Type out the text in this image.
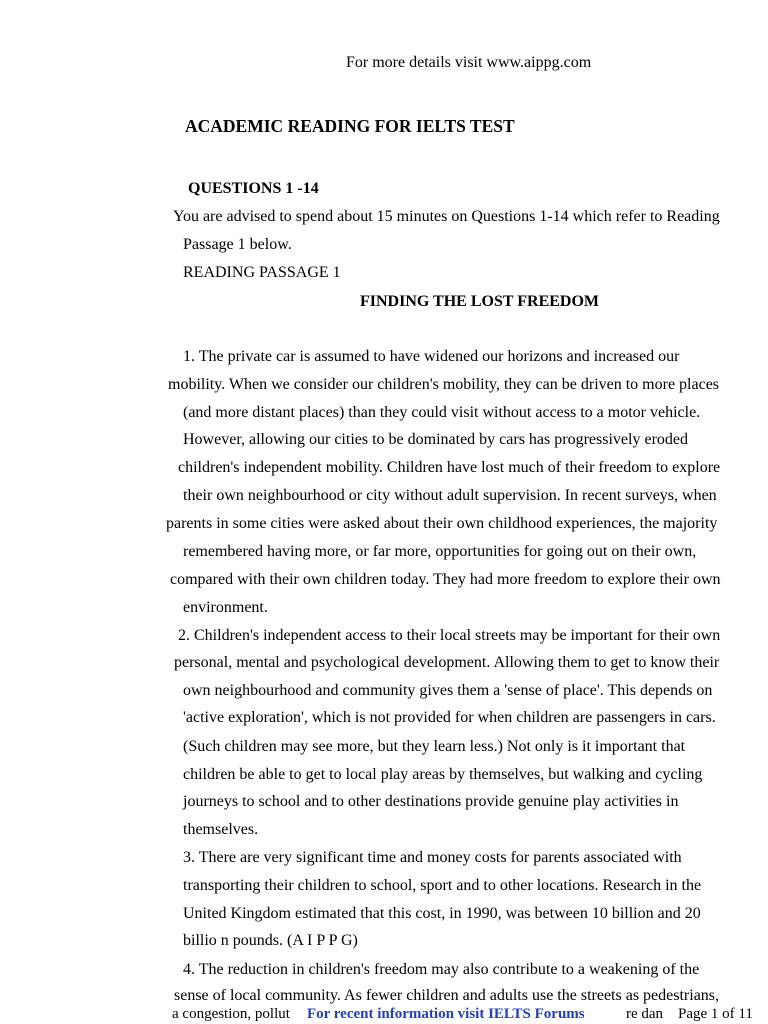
For more details visit www.aippg.com
ACADEMIC READING FOR IELTS TEST
QUESTIONS 1 -14
You are advised to spend about 15 minutes on Questions 1-14 which refer to Reading
Passage 1 below.
READING PASSAGE 1
FINDING THE LOST FREEDOM
1. The private car is assumed to have widened our horizons and increased our
mobility. When we consider our children's mobility, they can be driven to more places
(and more distant places) than they could visit without access to a motor vehicle.
However, allowing our cities to be dominated by cars has progressively eroded
children's independent mobility. Children have lost much of their freedom to explore
their own neighbourhood or city without adult supervision. In recent surveys, when
parents in some cities were asked about their own childhood experiences, the majority
remembered having more, or far more, opportunities for going out on their own,
compared with their own children today. They had more freedom to explore their own
environment.
2. Children's independent access to their local streets may be important for their own
personal, mental and psychological development. Allowing them to get to know their
own neighbourhood and community gives them a 'sense of place'. This depends on
'active exploration', which is not provided for when children are passengers in cars.
(Such children may see more, but they learn less.) Not only is it important that
children be able to get to local play areas by themselves, but walking and cycling
journeys to school and to other destinations provide genuine play activities in
themselves.
3. There are very significant time and money costs for parents associated with
transporting their children to school, sport and to other locations. Research in the
United Kingdom estimated that this cost, in 1990, was between 10 billion and 20
billio n pounds. (A I P P G)
4. The reduction in children's freedom may also contribute to a weakening of the
sense of local community. As fewer children and adults use the streets as pedestrians,
a congestion, pollut For recent information visit IELTS Forums	re dan Page 1 of 11
